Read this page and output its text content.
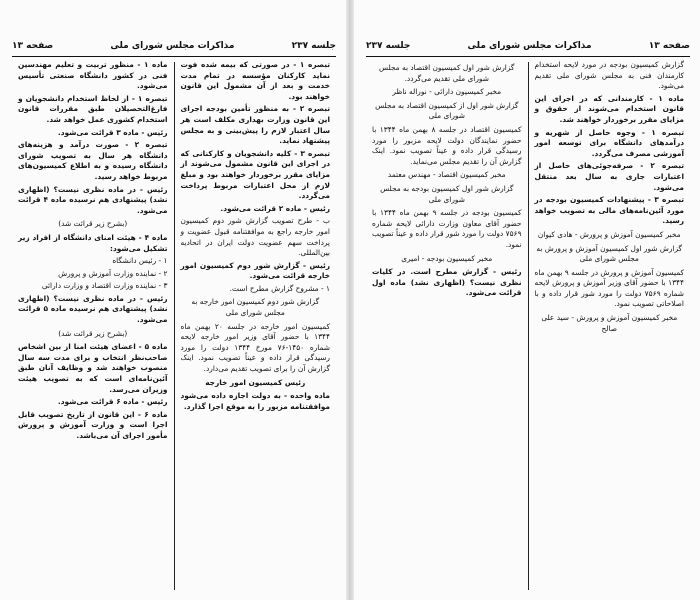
صفحه ۱۳
مذاکرات مجلس شورای ملی
جلسه ۲۳۷

گزارش کمیسیون بودجه در مورد لایحه استخدام کارمندان فنی به مجلس شورای ملی تقدیم می‌شود.

ماده ۱ - کارمندانی که در اجرای این قانون استخدام می‌شوند از حقوق و مزایای مقرر برخوردار خواهند شد.

تبصره ۱ - وجوه حاصل از شهریه و درآمدهای دانشگاه برای توسعه امور آموزشی مصرف می‌گردد.

تبصره ۲ - صرفه‌جوئی‌های حاصل از اعتبارات جاری به سال بعد منتقل می‌شود.

تبصره ۳ - پیشنهادات کمیسیون بودجه در مورد آئین‌نامه‌های مالی به تصویب خواهد رسید.

مخبر کمیسیون آموزش و پرورش - هادی کیوان

گزارش شور اول کمیسیون آموزش و پرورش به مجلس شورای ملی

کمیسیون آموزش و پرورش در جلسه ۹ بهمن ماه ۱۳۴۴ با حضور آقای وزیر آموزش و پرورش لایحه شماره ۷۵۶۹ دولت را مورد شور قرار داده و با اصلاحاتی تصویب نمود.

مخبر کمیسیون آموزش و پرورش - سید علی صالح

گزارش شور اول کمیسیون اقتصاد به مجلس شورای ملی تقدیم می‌گردد.

مخبر کمیسیون دارائی - نوراله ناظر

گزارش شور اول از کمیسیون اقتصاد به مجلس شورای ملی

کمیسیون اقتصاد در جلسه ۸ بهمن ماه ۱۳۴۴ با حضور نمایندگان دولت لایحه مزبور را مورد رسیدگی قرار داده و عیناً تصویب نمود. اینک گزارش آن را تقدیم مجلس می‌نماید.

مخبر کمیسیون اقتصاد - مهندس معتمد

گزارش شور اول کمیسیون بودجه به مجلس شورای ملی

کمیسیون بودجه در جلسه ۹ بهمن ماه ۱۳۴۴ با حضور آقای معاون وزارت دارائی لایحه شماره ۷۵۶۹ دولت را مورد شور قرار داده و عیناً تصویب نمود.

مخبر کمیسیون بودجه - امیری

رئیس - گزارش مطرح است. در کلیات نظری نیست؟ (اظهاری نشد) ماده اول قرائت می‌شود.

جلسه ۲۳۷
مذاکرات مجلس شورای ملی
صفحه ۱۳

تبصره ۱ - در صورتی که بیمه شده فوت نماید کارکنان مؤسسه در تمام مدت خدمت و بعد از آن مشمول این قانون خواهند بود.

تبصره ۲ - به منظور تأمین بودجه اجرای این قانون وزارت بهداری مکلف است هر سال اعتبار لازم را پیش‌بینی و به مجلس پیشنهاد نماید.

تبصره ۳ - کلیه دانشجویان و کارکنانی که در اجرای این قانون مشمول می‌شوند از مزایای مقرر برخوردار خواهند بود و مبلغ لازم از محل اعتبارات مربوط پرداخت می‌گردد.

رئیس - ماده ۲ قرائت می‌شود.

ب - طرح تصویب گزارش شور دوم کمیسیون امور خارجه راجع به موافقتنامه قبول عضویت و پرداخت سهم عضویت دولت ایران در اتحادیه بین‌المللی.

رئیس - گزارش شور دوم کمیسیون امور خارجه قرائت می‌شود.

۱ - مشروح گزارش مطرح است.

گزارش شور دوم کمیسیون امور خارجه به مجلس شورای ملی

کمیسیون امور خارجه در جلسه ۲۰ بهمن ماه ۱۳۴۴ با حضور آقای وزیر امور خارجه لایحه شماره ۱۴۵۰-۷۶ مورخ ۱۳۴۴ دولت را مورد رسیدگی قرار داده و عیناً تصویب نمود. اینک گزارش آن را برای تصویب تقدیم می‌دارد.

رئیس کمیسیون امور خارجه

ماده واحده - به دولت اجازه داده می‌شود موافقتنامه مزبور را به موقع اجرا گذارد.

ماده ۱ - منظور تربیت و تعلیم مهندسین فنی در کشور دانشگاه صنعتی تأسیس می‌شود.

تبصره ۱ - از لحاظ استخدام دانشجویان و فارغ‌التحصیلان طبق مقررات قانون استخدام کشوری عمل خواهد شد.

رئیس - ماده ۳ قرائت می‌شود.

تبصره ۲ - صورت درآمد و هزینه‌های دانشگاه هر سال به تصویب شورای دانشگاه رسیده و به اطلاع کمیسیون‌های مربوط خواهد رسید.

رئیس - در ماده نظری نیست؟ (اظهاری نشد) پیشنهادی هم نرسیده ماده ۴ قرائت می‌شود.

(بشرح زیر قرائت شد)

ماده ۴ - هیئت امنای دانشگاه از افراد زیر تشکیل می‌شود:

۱ - رئیس دانشگاه

۲ - نماینده وزارت آموزش و پرورش

۳ - نماینده وزارت اقتصاد و وزارت دارائی

رئیس - در ماده نظری نیست؟ (اظهاری نشد) پیشنهادی هم نرسیده ماده ۵ قرائت می‌شود.

(بشرح زیر قرائت شد)

ماده ۵ - اعضای هیئت امنا از بین اشخاص صاحب‌نظر انتخاب و برای مدت سه سال منصوب خواهند شد و وظایف آنان طبق آئین‌نامه‌ای است که به تصویب هیئت وزیران می‌رسد.

رئیس - ماده ۶ قرائت می‌شود.

ماده ۶ - این قانون از تاریخ تصویب قابل اجرا است و وزارت آموزش و پرورش مأمور اجرای آن می‌باشد.
